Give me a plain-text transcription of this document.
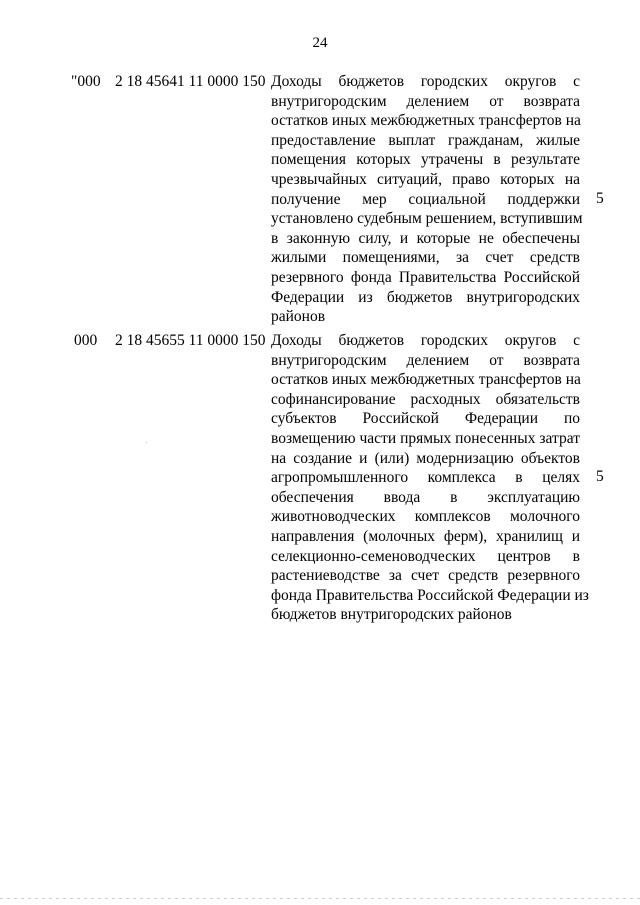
24
"000 2 18 45641 11 0000 150 Доходы бюджетов городских округов с
внутригородским делением от возврата
остатков иных межбюджетных трансфертов на
предоставление выплат гражданам, жилые
помещения которых утрачены в результате
чрезвычайных ситуаций, право которых на
получение мер социальной поддержки
установлено судебным решением, вступившим
в законную силу, и которые не обеспечены
жилыми помещениями, за счет средств
резервного фонда Правительства Российской
Федерации из бюджетов внутригородских
районов
5
000 2 18 45655 11 0000 150 Доходы бюджетов городских округов с
внутригородским делением от возврата
остатков иных межбюджетных трансфертов на
софинансирование расходных обязательств
субъектов Российской Федерации по
возмещению части прямых понесенных затрат
на создание и (или) модернизацию объектов
агропромышленного комплекса в целях
обеспечения ввода в эксплуатацию
животноводческих комплексов молочного
направления (молочных ферм), хранилищ и
селекционно-семеноводческих центров в
растениеводстве за счет средств резервного
фонда Правительства Российской Федерации из
бюджетов внутригородских районов
5
